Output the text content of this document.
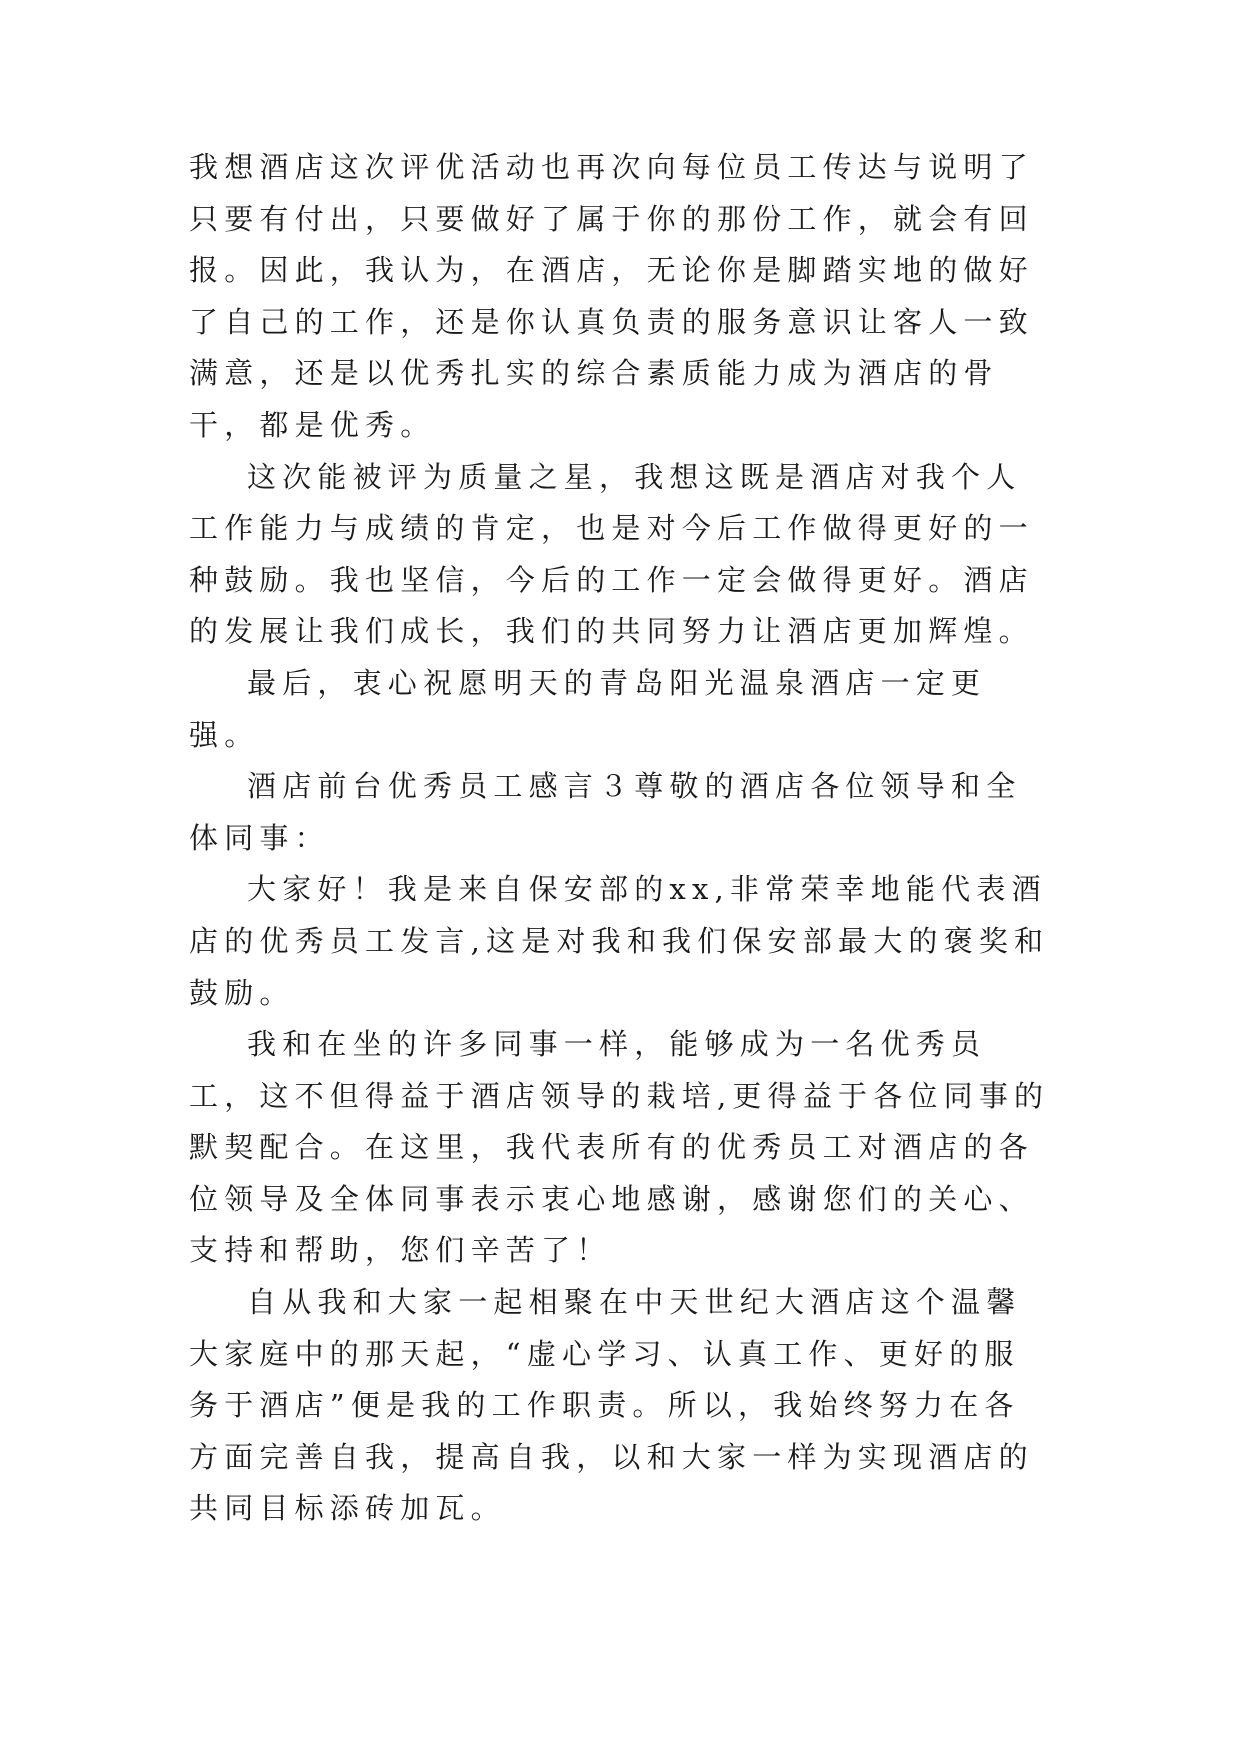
我想酒店这次评优活动也再次向每位员工传达与说明了只要有付出，只要做好了属于你的那份工作，就会有回报。因此，我认为，在酒店，无论你是脚踏实地的做好了自己的工作，还是你认真负责的服务意识让客人一致满意，还是以优秀扎实的综合素质能力成为酒店的骨干，都是优秀。

这次能被评为质量之星，我想这既是酒店对我个人工作能力与成绩的肯定，也是对今后工作做得更好的一种鼓励。我也坚信，今后的工作一定会做得更好。酒店的发展让我们成长，我们的共同努力让酒店更加辉煌。

最后，衷心祝愿明天的青岛阳光温泉酒店一定更强。

酒店前台优秀员工感言３尊敬的酒店各位领导和全体同事：

大家好！我是来自保安部的xx,非常荣幸地能代表酒店的优秀员工发言,这是对我和我们保安部最大的褒奖和鼓励。

我和在坐的许多同事一样，能够成为一名优秀员工，这不但得益于酒店领导的栽培,更得益于各位同事的默契配合。在这里，我代表所有的优秀员工对酒店的各位领导及全体同事表示衷心地感谢，感谢您们的关心、支持和帮助，您们辛苦了！

自从我和大家一起相聚在中天世纪大酒店这个温馨大家庭中的那天起，“虚心学习、认真工作、更好的服务于酒店”便是我的工作职责。所以，我始终努力在各方面完善自我，提高自我，以和大家一样为实现酒店的共同目标添砖加瓦。
